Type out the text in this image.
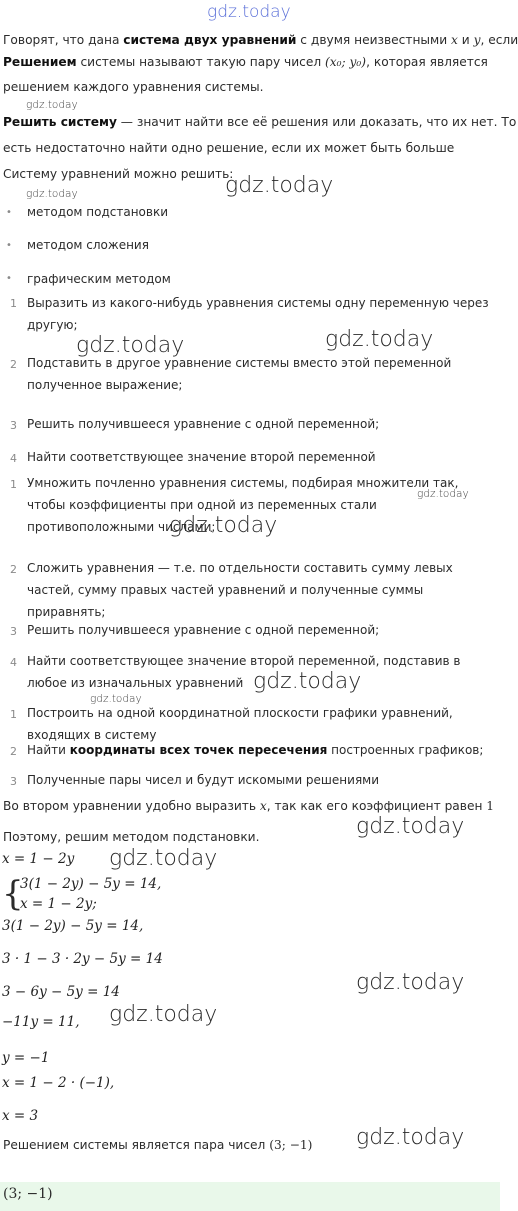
gdz.today
Говорят, что дана система двух уравнений с двумя неизвестными x и y, если
Решением системы называют такую пару чисел (x₀; y₀), которая является
решением каждого уравнения системы.
gdz.today
Решить систему — значит найти все её решения или доказать, что их нет. То
есть недостаточно найти одно решение, если их может быть больше
Систему уравнений можно решить:
gdz.today
gdz.today
• методом подстановки
• методом сложения
• графическим методом
1 Выразить из какого-нибудь уравнения системы одну переменную через другую;
2 Подставить в другое уравнение системы вместо этой переменной полученное выражение;
3 Решить получившееся уравнение с одной переменной;
4 Найти соответствующее значение второй переменной
gdz.today	gdz.today
1 Умножить почленно уравнения системы, подбирая множители так, чтобы коэффициенты при одной из переменных стали противоположными числами;
2 Сложить уравнения — т.е. по отдельности составить сумму левых частей, сумму правых частей уравнений и полученные суммы приравнять;
3 Решить получившееся уравнение с одной переменной;
4 Найти соответствующее значение второй переменной, подставив в любое из изначальных уравнений
gdz.today
gdz.today
gdz.today
1 Построить на одной координатной плоскости графики уравнений, входящих в систему
2 Найти координаты всех точек пересечения построенных графиков;
3 Полученные пары чисел и будут искомыми решениями
gdz.today
Во втором уравнении удобно выразить x, так как его коэффициент равен 1
Поэтому, решим методом подстановки.	gdz.today
gdz.today
x = 1 − 2y
{
3(1 − 2y) − 5y = 14,
x = 1 − 2y;
3(1 − 2y) − 5y = 14,
3 · 1 − 3 · 2y − 5y = 14
3 − 6y − 5y = 14	gdz.today
−11y = 11, gdz.today
y = −1
x = 1 − 2 · (−1),
x = 3
Решением системы является пара чисел (3; −1) gdz.today
(3; −1)
